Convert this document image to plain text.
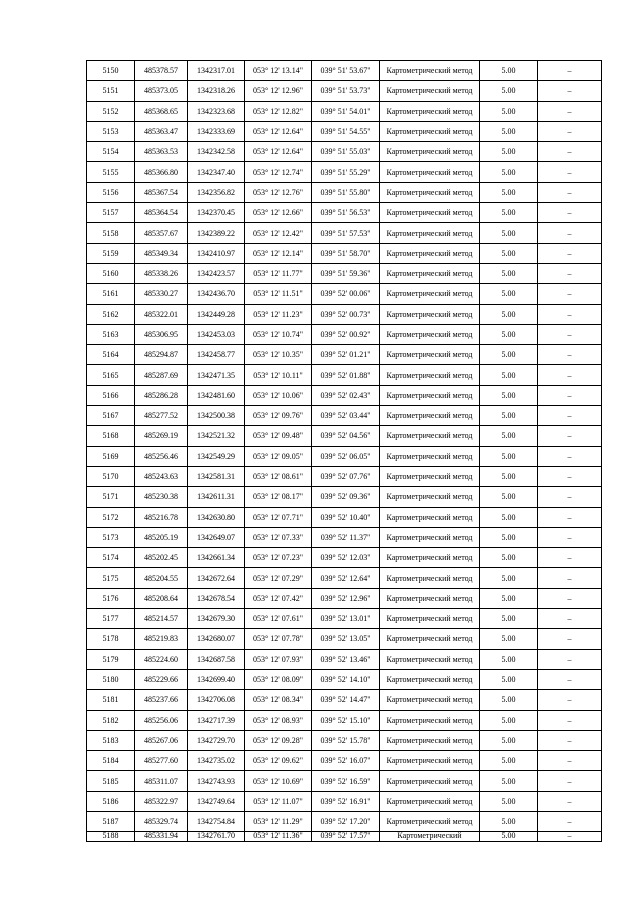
5150	485378.57	1342317.01	053° 12' 13.14"	039° 51' 53.67"	Картометрический метод	5.00	–
5151	485373.05	1342318.26	053° 12' 12.96"	039° 51' 53.73"	Картометрический метод	5.00	–
5152	485368.65	1342323.68	053° 12' 12.82"	039° 51' 54.01"	Картометрический метод	5.00	–
5153	485363.47	1342333.69	053° 12' 12.64"	039° 51' 54.55"	Картометрический метод	5.00	–
5154	485363.53	1342342.58	053° 12' 12.64"	039° 51' 55.03"	Картометрический метод	5.00	–
5155	485366.80	1342347.40	053° 12' 12.74"	039° 51' 55.29"	Картометрический метод	5.00	–
5156	485367.54	1342356.82	053° 12' 12.76"	039° 51' 55.80"	Картометрический метод	5.00	–
5157	485364.54	1342370.45	053° 12' 12.66"	039° 51' 56.53"	Картометрический метод	5.00	–
5158	485357.67	1342389.22	053° 12' 12.42"	039° 51' 57.53"	Картометрический метод	5.00	–
5159	485349.34	1342410.97	053° 12' 12.14"	039° 51' 58.70"	Картометрический метод	5.00	–
5160	485338.26	1342423.57	053° 12' 11.77"	039° 51' 59.36"	Картометрический метод	5.00	–
5161	485330.27	1342436.70	053° 12' 11.51"	039° 52' 00.06"	Картометрический метод	5.00	–
5162	485322.01	1342449.28	053° 12' 11.23"	039° 52' 00.73"	Картометрический метод	5.00	–
5163	485306.95	1342453.03	053° 12' 10.74"	039° 52' 00.92"	Картометрический метод	5.00	–
5164	485294.87	1342458.77	053° 12' 10.35"	039° 52' 01.21"	Картометрический метод	5.00	–
5165	485287.69	1342471.35	053° 12' 10.11"	039° 52' 01.88"	Картометрический метод	5.00	–
5166	485286.28	1342481.60	053° 12' 10.06"	039° 52' 02.43"	Картометрический метод	5.00	–
5167	485277.52	1342500.38	053° 12' 09.76"	039° 52' 03.44"	Картометрический метод	5.00	–
5168	485269.19	1342521.32	053° 12' 09.48"	039° 52' 04.56"	Картометрический метод	5.00	–
5169	485256.46	1342549.29	053° 12' 09.05"	039° 52' 06.05"	Картометрический метод	5.00	–
5170	485243.63	1342581.31	053° 12' 08.61"	039° 52' 07.76"	Картометрический метод	5.00	–
5171	485230.38	1342611.31	053° 12' 08.17"	039° 52' 09.36"	Картометрический метод	5.00	–
5172	485216.78	1342630.80	053° 12' 07.71"	039° 52' 10.40"	Картометрический метод	5.00	–
5173	485205.19	1342649.07	053° 12' 07.33"	039° 52' 11.37"	Картометрический метод	5.00	–
5174	485202.45	1342661.34	053° 12' 07.23"	039° 52' 12.03"	Картометрический метод	5.00	–
5175	485204.55	1342672.64	053° 12' 07.29"	039° 52' 12.64"	Картометрический метод	5.00	–
5176	485208.64	1342678.54	053° 12' 07.42"	039° 52' 12.96"	Картометрический метод	5.00	–
5177	485214.57	1342679.30	053° 12' 07.61"	039° 52' 13.01"	Картометрический метод	5.00	–
5178	485219.83	1342680.07	053° 12' 07.78"	039° 52' 13.05"	Картометрический метод	5.00	–
5179	485224.60	1342687.58	053° 12' 07.93"	039° 52' 13.46"	Картометрический метод	5.00	–
5180	485229.66	1342699.40	053° 12' 08.09"	039° 52' 14.10"	Картометрический метод	5.00	–
5181	485237.66	1342706.08	053° 12' 08.34"	039° 52' 14.47"	Картометрический метод	5.00	–
5182	485256.06	1342717.39	053° 12' 08.93"	039° 52' 15.10"	Картометрический метод	5.00	–
5183	485267.06	1342729.70	053° 12' 09.28"	039° 52' 15.78"	Картометрический метод	5.00	–
5184	485277.60	1342735.02	053° 12' 09.62"	039° 52' 16.07"	Картометрический метод	5.00	–
5185	485311.07	1342743.93	053° 12' 10.69"	039° 52' 16.59"	Картометрический метод	5.00	–
5186	485322.97	1342749.64	053° 12' 11.07"	039° 52' 16.91"	Картометрический метод	5.00	–
5187	485329.74	1342754.84	053° 12' 11.29"	039° 52' 17.20"	Картометрический метод	5.00	–
5188	485331.94	1342761.70	053° 12' 11.36"	039° 52' 17.57"	Картометрический	5.00	–
